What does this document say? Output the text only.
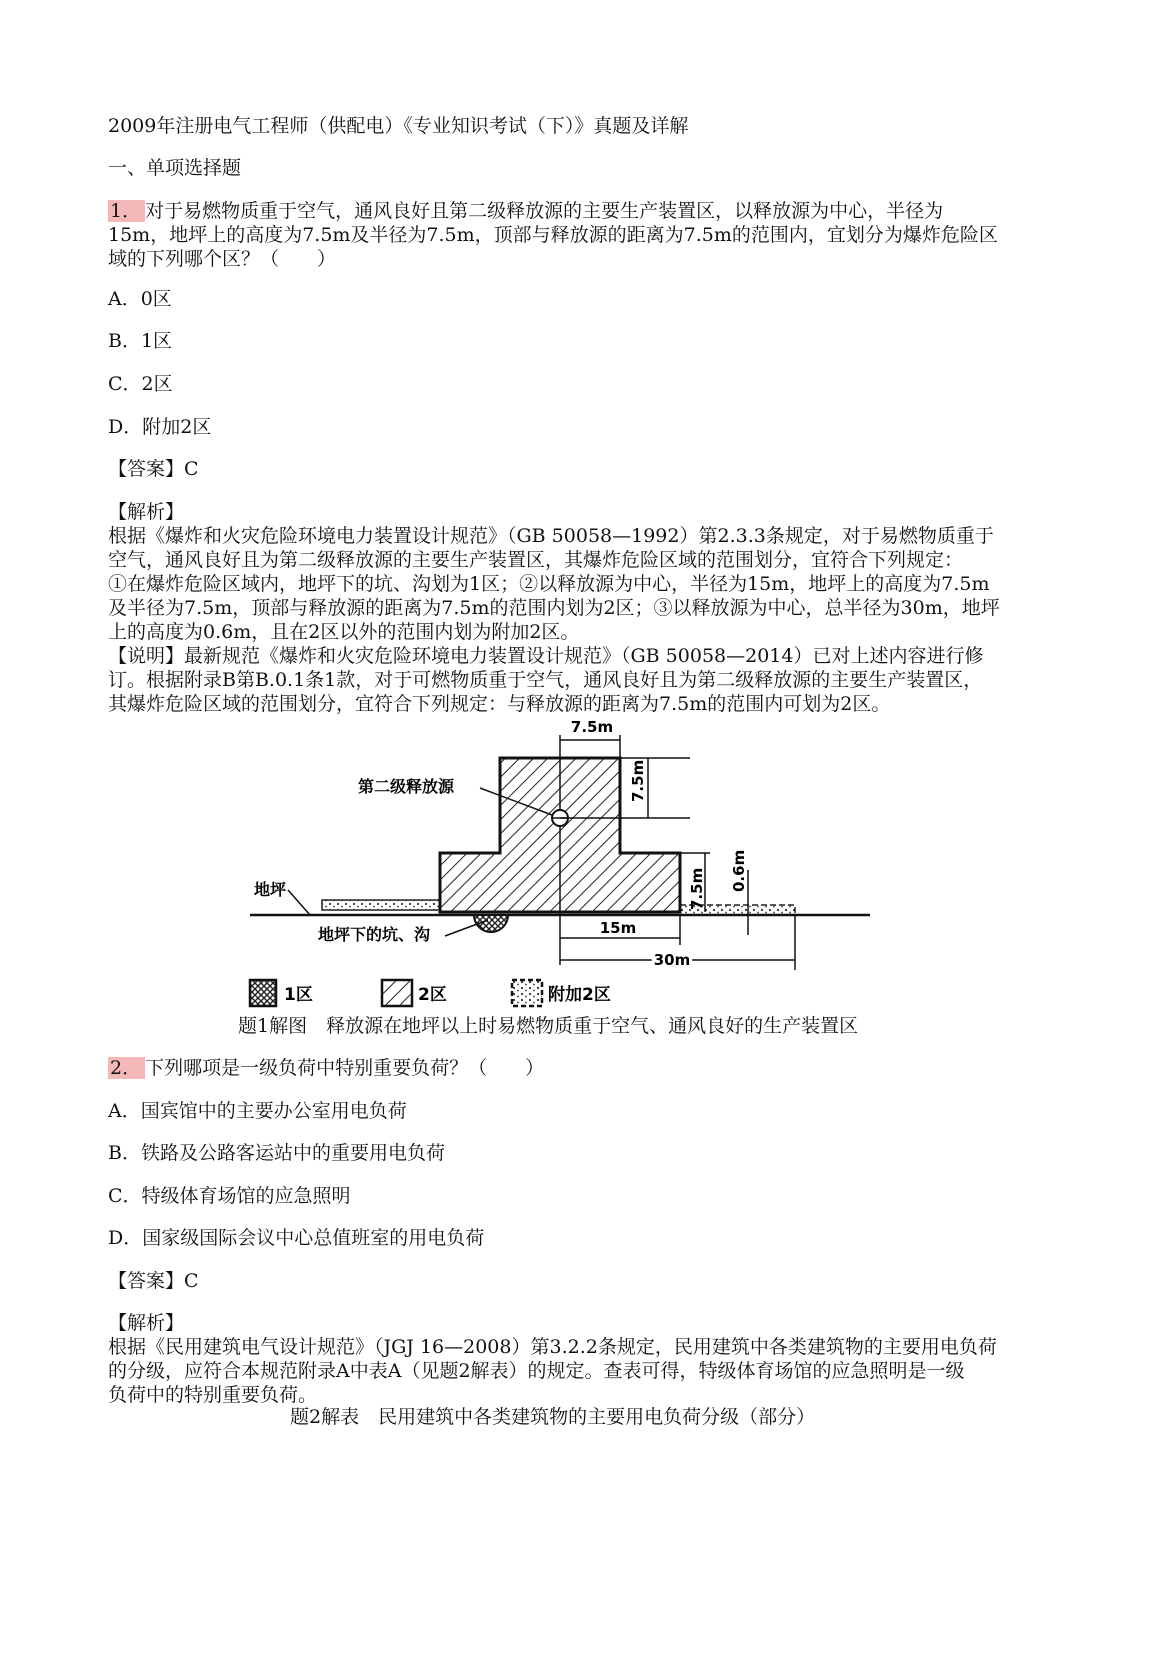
2009年注册电气工程师（供配电）《专业知识考试（下）》真题及详解
一、单项选择题
1． 对于易燃物质重于空气，通风良好且第二级释放源的主要生产装置区，以释放源为中心，半径为
15m，地坪上的高度为7.5m及半径为7.5m，顶部与释放源的距离为7.5m的范围内，宜划分为爆炸危险区
域的下列哪个区？（　　）
A．0区
B．1区
C．2区
D．附加2区
【答案】C
【解析】
根据《爆炸和火灾危险环境电力装置设计规范》（GB 50058—1992）第2.3.3条规定，对于易燃物质重于
空气，通风良好且为第二级释放源的主要生产装置区，其爆炸危险区域的范围划分，宜符合下列规定：
①在爆炸危险区域内，地坪下的坑、沟划为1区；②以释放源为中心，半径为15m，地坪上的高度为7.5m
及半径为7.5m，顶部与释放源的距离为7.5m的范围内划为2区；③以释放源为中心，总半径为30m，地坪
上的高度为0.6m，且在2区以外的范围内划为附加2区。
【说明】最新规范《爆炸和火灾危险环境电力装置设计规范》（GB 50058—2014）已对上述内容进行修
订。根据附录B第B.0.1条1款，对于可燃物质重于空气，通风良好且为第二级释放源的主要生产装置区，
其爆炸危险区域的范围划分，宜符合下列规定：与释放源的距离为7.5m的范围内可划为2区。
7.5m
7.5m
7.5m 0.6m
15m
30m
第二级释放源
地坪
地坪下的坑、沟
1区	2区	附加2区
题1解图　释放源在地坪以上时易燃物质重于空气、通风良好的生产装置区
2． 下列哪项是一级负荷中特别重要负荷？（　　）
A．国宾馆中的主要办公室用电负荷
B．铁路及公路客运站中的重要用电负荷
C．特级体育场馆的应急照明
D．国家级国际会议中心总值班室的用电负荷
【答案】C
【解析】
根据《民用建筑电气设计规范》（JGJ 16—2008）第3.2.2条规定，民用建筑中各类建筑物的主要用电负荷
的分级，应符合本规范附录A中表A（见题2解表）的规定。查表可得，特级体育场馆的应急照明是一级
负荷中的特别重要负荷。
题2解表　民用建筑中各类建筑物的主要用电负荷分级（部分）
